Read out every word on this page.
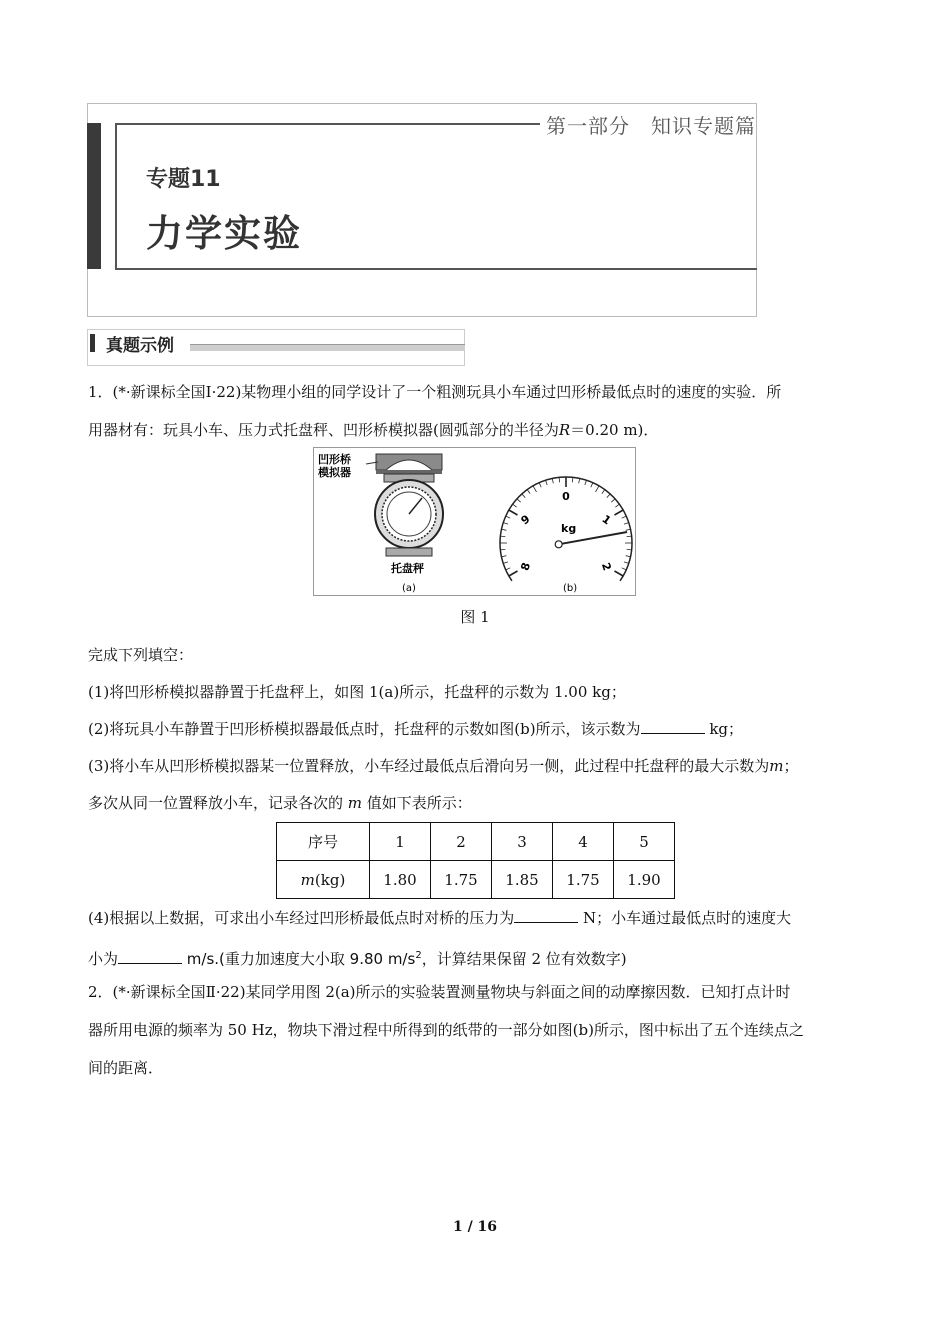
第一部分　知识专题篇
专题11
力学实验
真题示例
1．(*·新课标全国Ⅰ·22)某物理小组的同学设计了一个粗测玩具小车通过凹形桥最低点时的速度的实验．所
用器材有：玩具小车、压力式托盘秤、凹形桥模拟器(圆弧部分的半径为R＝0.20 m)．
凹形桥
模拟器
托盘秤
(a)
8
9
0
1
2
kg
(b)
图 1
完成下列填空：
(1)将凹形桥模拟器静置于托盘秤上，如图 1(a)所示，托盘秤的示数为 1.00 kg；
(2)将玩具小车静置于凹形桥模拟器最低点时，托盘秤的示数如图(b)所示，该示数为	kg；
(3)将小车从凹形桥模拟器某一位置释放，小车经过最低点后滑向另一侧，此过程中托盘秤的最大示数为m；
多次从同一位置释放小车，记录各次的 m 值如下表所示：
序号	1	2	3	4	5
m(kg)	1.80	1.75	1.85	1.75	1.90
(4)根据以上数据，可求出小车经过凹形桥最低点时对桥的压力为	N；小车通过最低点时的速度大
小为	m/s.(重力加速度大小取 9.80 $m/s^2$，计算结果保留 2 位有效数字)
2．(*·新课标全国Ⅱ·22)某同学用图 2(a)所示的实验装置测量物块与斜面之间的动摩擦因数．已知打点计时
器所用电源的频率为 50 Hz，物块下滑过程中所得到的纸带的一部分如图(b)所示，图中标出了五个连续点之
间的距离．
1 / 16
